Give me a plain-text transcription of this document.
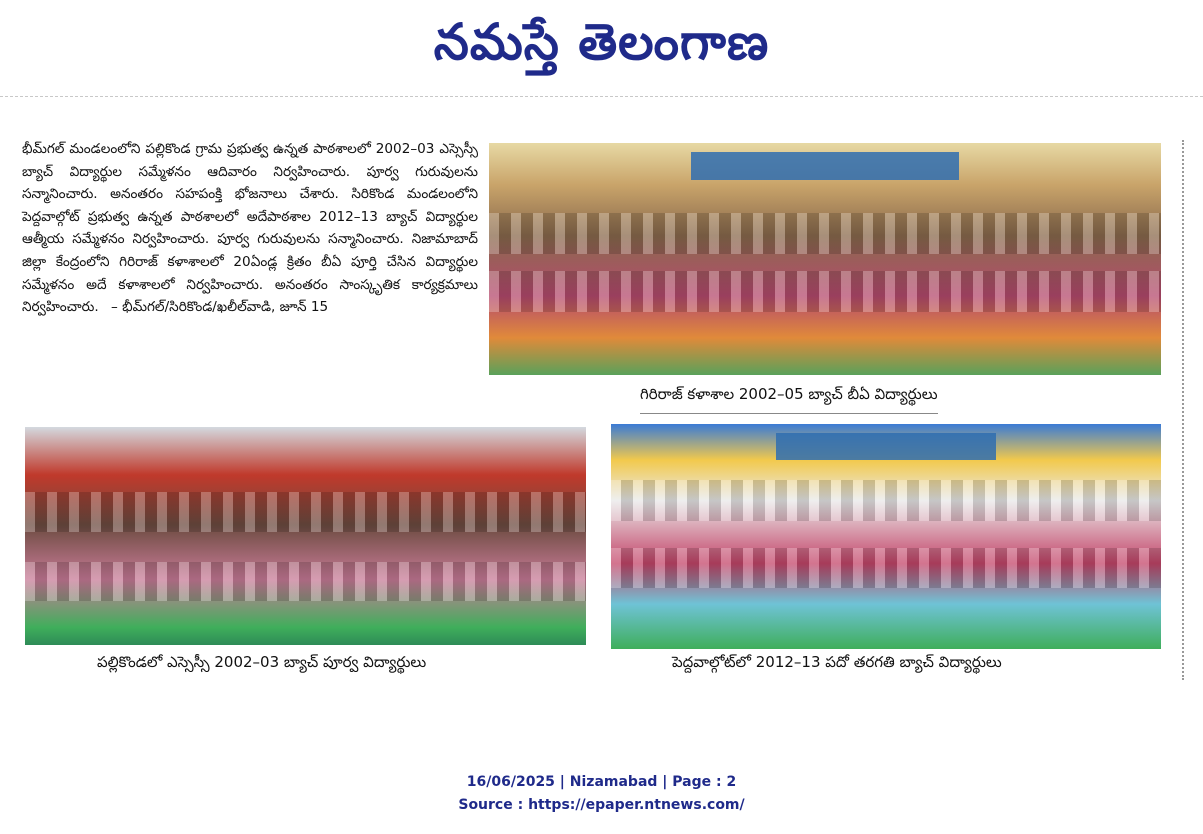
నమస్తే తెలంగాణ
భీమ్‌గల్ మండలంలోని పల్లికొండ గ్రామ ప్రభుత్వ ఉన్నత పాఠశాలలో 2002–03 ఎస్సెస్సీ బ్యాచ్ విద్యార్థుల సమ్మేళనం ఆదివారం నిర్వహించారు. పూర్వ గురువులను సన్మానించారు. అనంతరం సహపంక్తి భోజనాలు చేశారు. సిరికొండ మండలంలోని పెద్దవాల్గోట్ ప్రభుత్వ ఉన్నత పాఠశాలలో అదేపాఠశాల 2012–13 బ్యాచ్ విద్యార్థుల ఆత్మీయ సమ్మేళనం నిర్వహించారు. పూర్వ గురువులను సన్మానించారు. నిజామాబాద్ జిల్లా కేంద్రంలోని గిరిరాజ్ కళాశాలలో 20ఏండ్ల క్రితం బీఏ పూర్తి చేసిన విద్యార్థుల సమ్మేళనం అదే కళాశాలలో నిర్వహించారు. అనంతరం సాంస్కృతిక కార్యక్రమాలు నిర్వహించారు. – భీమ్‌గల్/సిరికొండ/ఖలీల్‌వాడి, జూన్ 15
గిరిరాజ్ కళాశాల 2002–05 బ్యాచ్ బీఏ విద్యార్థులు
పల్లికొండలో ఎస్సెస్సీ 2002–03 బ్యాచ్ పూర్వ విద్యార్థులు	పెద్దవాల్గోట్‌లో 2012–13 పదో తరగతి బ్యాచ్ విద్యార్థులు
16/06/2025 | Nizamabad | Page : 2
Source : https://epaper.ntnews.com/
